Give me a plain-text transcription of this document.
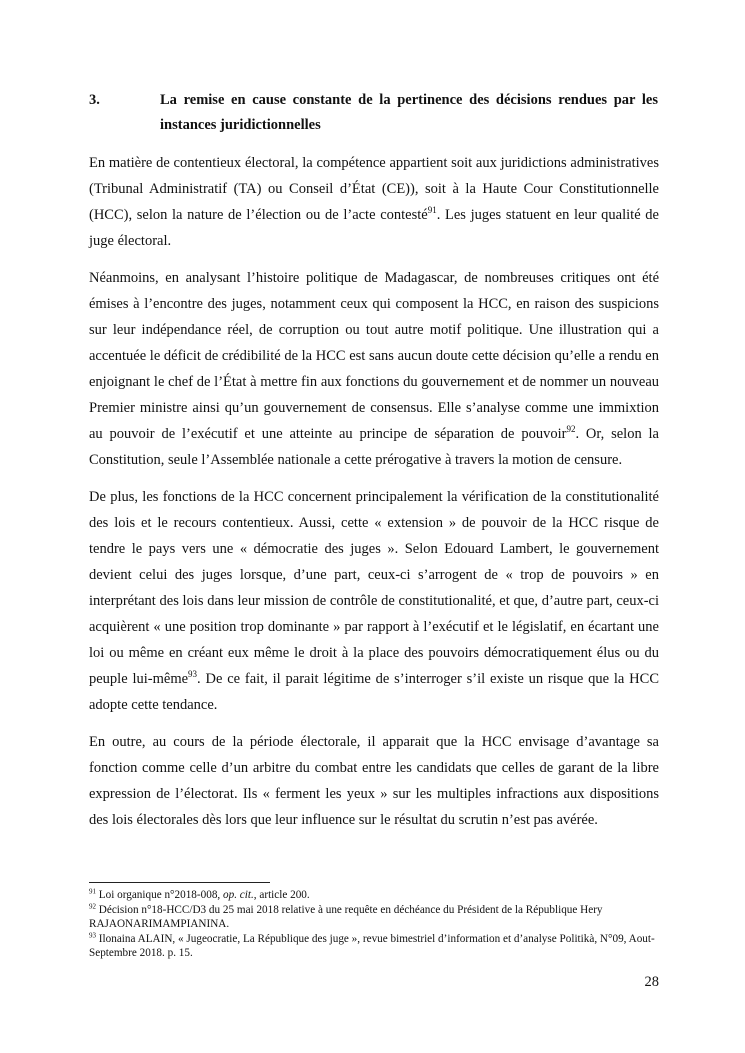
3.	La remise en cause constante de la pertinence des décisions rendues par les instances juridictionnelles

En matière de contentieux électoral, la compétence appartient soit aux juridictions administratives (Tribunal Administratif (TA) ou Conseil d’État (CE)), soit à la Haute Cour Constitutionnelle (HCC), selon la nature de l’élection ou de l’acte contesté$^{91}$. Les juges statuent en leur qualité de juge électoral.

Néanmoins, en analysant l’histoire politique de Madagascar, de nombreuses critiques ont été émises à l’encontre des juges, notamment ceux qui composent la HCC, en raison des suspicions sur leur indépendance réel, de corruption ou tout autre motif politique. Une illustration qui a accentuée le déficit de crédibilité de la HCC est sans aucun doute cette décision qu’elle a rendu en enjoignant le chef de l’État à mettre fin aux fonctions du gouvernement et de nommer un nouveau Premier ministre ainsi qu’un gouvernement de consensus. Elle s’analyse comme une immixtion au pouvoir de l’exécutif et une atteinte au principe de séparation de pouvoir$^{92}$. Or, selon la Constitution, seule l’Assemblée nationale a cette prérogative à travers la motion de censure.

De plus, les fonctions de la HCC concernent principalement la vérification de la constitutionalité des lois et le recours contentieux. Aussi, cette « extension » de pouvoir de la HCC risque de tendre le pays vers une « démocratie des juges ». Selon Edouard Lambert, le gouvernement devient celui des juges lorsque, d’une part, ceux-ci s’arrogent de « trop de pouvoirs » en interprétant des lois dans leur mission de contrôle de constitutionalité, et que, d’autre part, ceux-ci acquièrent « une position trop dominante » par rapport à l’exécutif et le législatif, en écartant une loi ou même en créant eux même le droit à la place des pouvoirs démocratiquement élus ou du peuple lui-même$^{93}$. De ce fait, il parait légitime de s’interroger s’il existe un risque que la HCC adopte cette tendance.

En outre, au cours de la période électorale, il apparait que la HCC envisage d’avantage sa fonction comme celle d’un arbitre du combat entre les candidats que celles de garant de la libre expression de l’électorat. Ils « ferment les yeux » sur les multiples infractions aux dispositions des lois électorales dès lors que leur influence sur le résultat du scrutin n’est pas avérée.

$^{91}$ Loi organique n°2018-008, op. cit., article 200.
$^{92}$ Décision n°18-HCC/D3 du 25 mai 2018 relative à une requête en déchéance du Président de la République Hery RAJAONARIMAMPIANINA.
$^{93}$ Ilonaina ALAIN, « Jugeocratie, La République des juge », revue bimestriel d’information et d’analyse Politikà, N°09, Aout-Septembre 2018. p. 15.
28
